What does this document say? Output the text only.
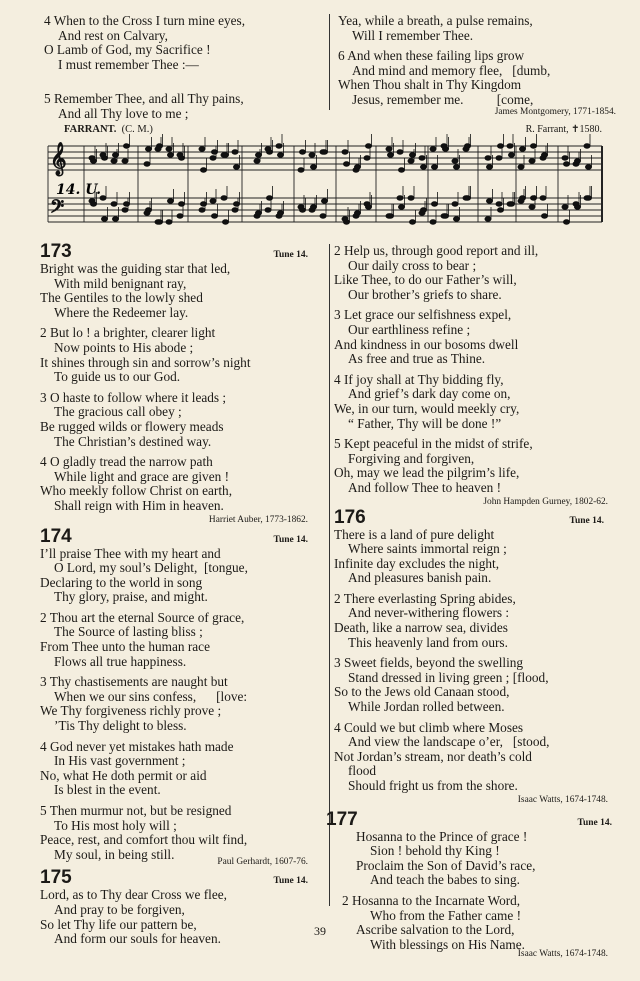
4 When to the Cross I turn mine eyes,
And rest on Calvary,
O Lamb of God, my Sacrifice !
I must remember Thee :—
5 Remember Thee, and all Thy pains,
And all Thy love to me ;
Yea, while a breath, a pulse remains,
Will I remember Thee.
6 And when these failing lips grow
And mind and memory flee,   [dumb,
When Thou shalt in Thy Kingdom
Jesus, remember me.          [come,
James Montgomery, 1771-1854.
FARRANT. (C. M.)	R. Farrant, ✝1580.
𝄞
𝄢
14. U.
173	Tune 14.
Bright was the guiding star that led,
With mild benignant ray,
The Gentiles to the lowly shed
Where the Redeemer lay.
2 But lo ! a brighter, clearer light
Now points to His abode ;
It shines through sin and sorrow’s night
To guide us to our God.
3 O haste to follow where it leads ;
The gracious call obey ;
Be rugged wilds or flowery meads
The Christian’s destined way.
4 O gladly tread the narrow path
While light and grace are given !
Who meekly follow Christ on earth,
Shall reign with Him in heaven.
Harriet Auber, 1773-1862.
174	Tune 14.
I’ll praise Thee with my heart and
O Lord, my soul’s Delight,  [tongue,
Declaring to the world in song
Thy glory, praise, and might.
2 Thou art the eternal Source of grace,
The Source of lasting bliss ;
From Thee unto the human race
Flows all true happiness.
3 Thy chastisements are naught but
When we our sins confess,      [love:
We Thy forgiveness richly prove ;
’Tis Thy delight to bless.
4 God never yet mistakes hath made
In His vast government ;
No, what He doth permit or aid
Is blest in the event.
5 Then murmur not, but be resigned
To His most holy will ;
Peace, rest, and comfort thou wilt find,
My soul, in being still.
Paul Gerhardt, 1607-76.
175	Tune 14.
Lord, as to Thy dear Cross we flee,
And pray to be forgiven,
So let Thy life our pattern be,
And form our souls for heaven.
2 Help us, through good report and ill,
Our daily cross to bear ;
Like Thee, to do our Father’s will,
Our brother’s griefs to share.
3 Let grace our selfishness expel,
Our earthliness refine ;
And kindness in our bosoms dwell
As free and true as Thine.
4 If joy shall at Thy bidding fly,
And grief’s dark day come on,
We, in our turn, would meekly cry,
“ Father, Thy will be done !”
5 Kept peaceful in the midst of strife,
Forgiving and forgiven,
Oh, may we lead the pilgrim’s life,
And follow Thee to heaven !
John Hampden Gurney, 1802-62.
176	Tune 14.
There is a land of pure delight
Where saints immortal reign ;
Infinite day excludes the night,
And pleasures banish pain.
2 There everlasting Spring abides,
And never-withering flowers :
Death, like a narrow sea, divides
This heavenly land from ours.
3 Sweet fields, beyond the swelling
Stand dressed in living green ; [flood,
So to the Jews old Canaan stood,
While Jordan rolled between.
4 Could we but climb where Moses
And view the landscape o’er,   [stood,
Not Jordan’s stream, nor death’s cold
flood
Should fright us from the shore.
Isaac Watts, 1674-1748.
177	Tune 14.
Hosanna to the Prince of grace !
Sion ! behold thy King !
Proclaim the Son of David’s race,
And teach the babes to sing.
2 Hosanna to the Incarnate Word,
Who from the Father came !
Ascribe salvation to the Lord,
With blessings on His Name.
Isaac Watts, 1674-1748.
39
